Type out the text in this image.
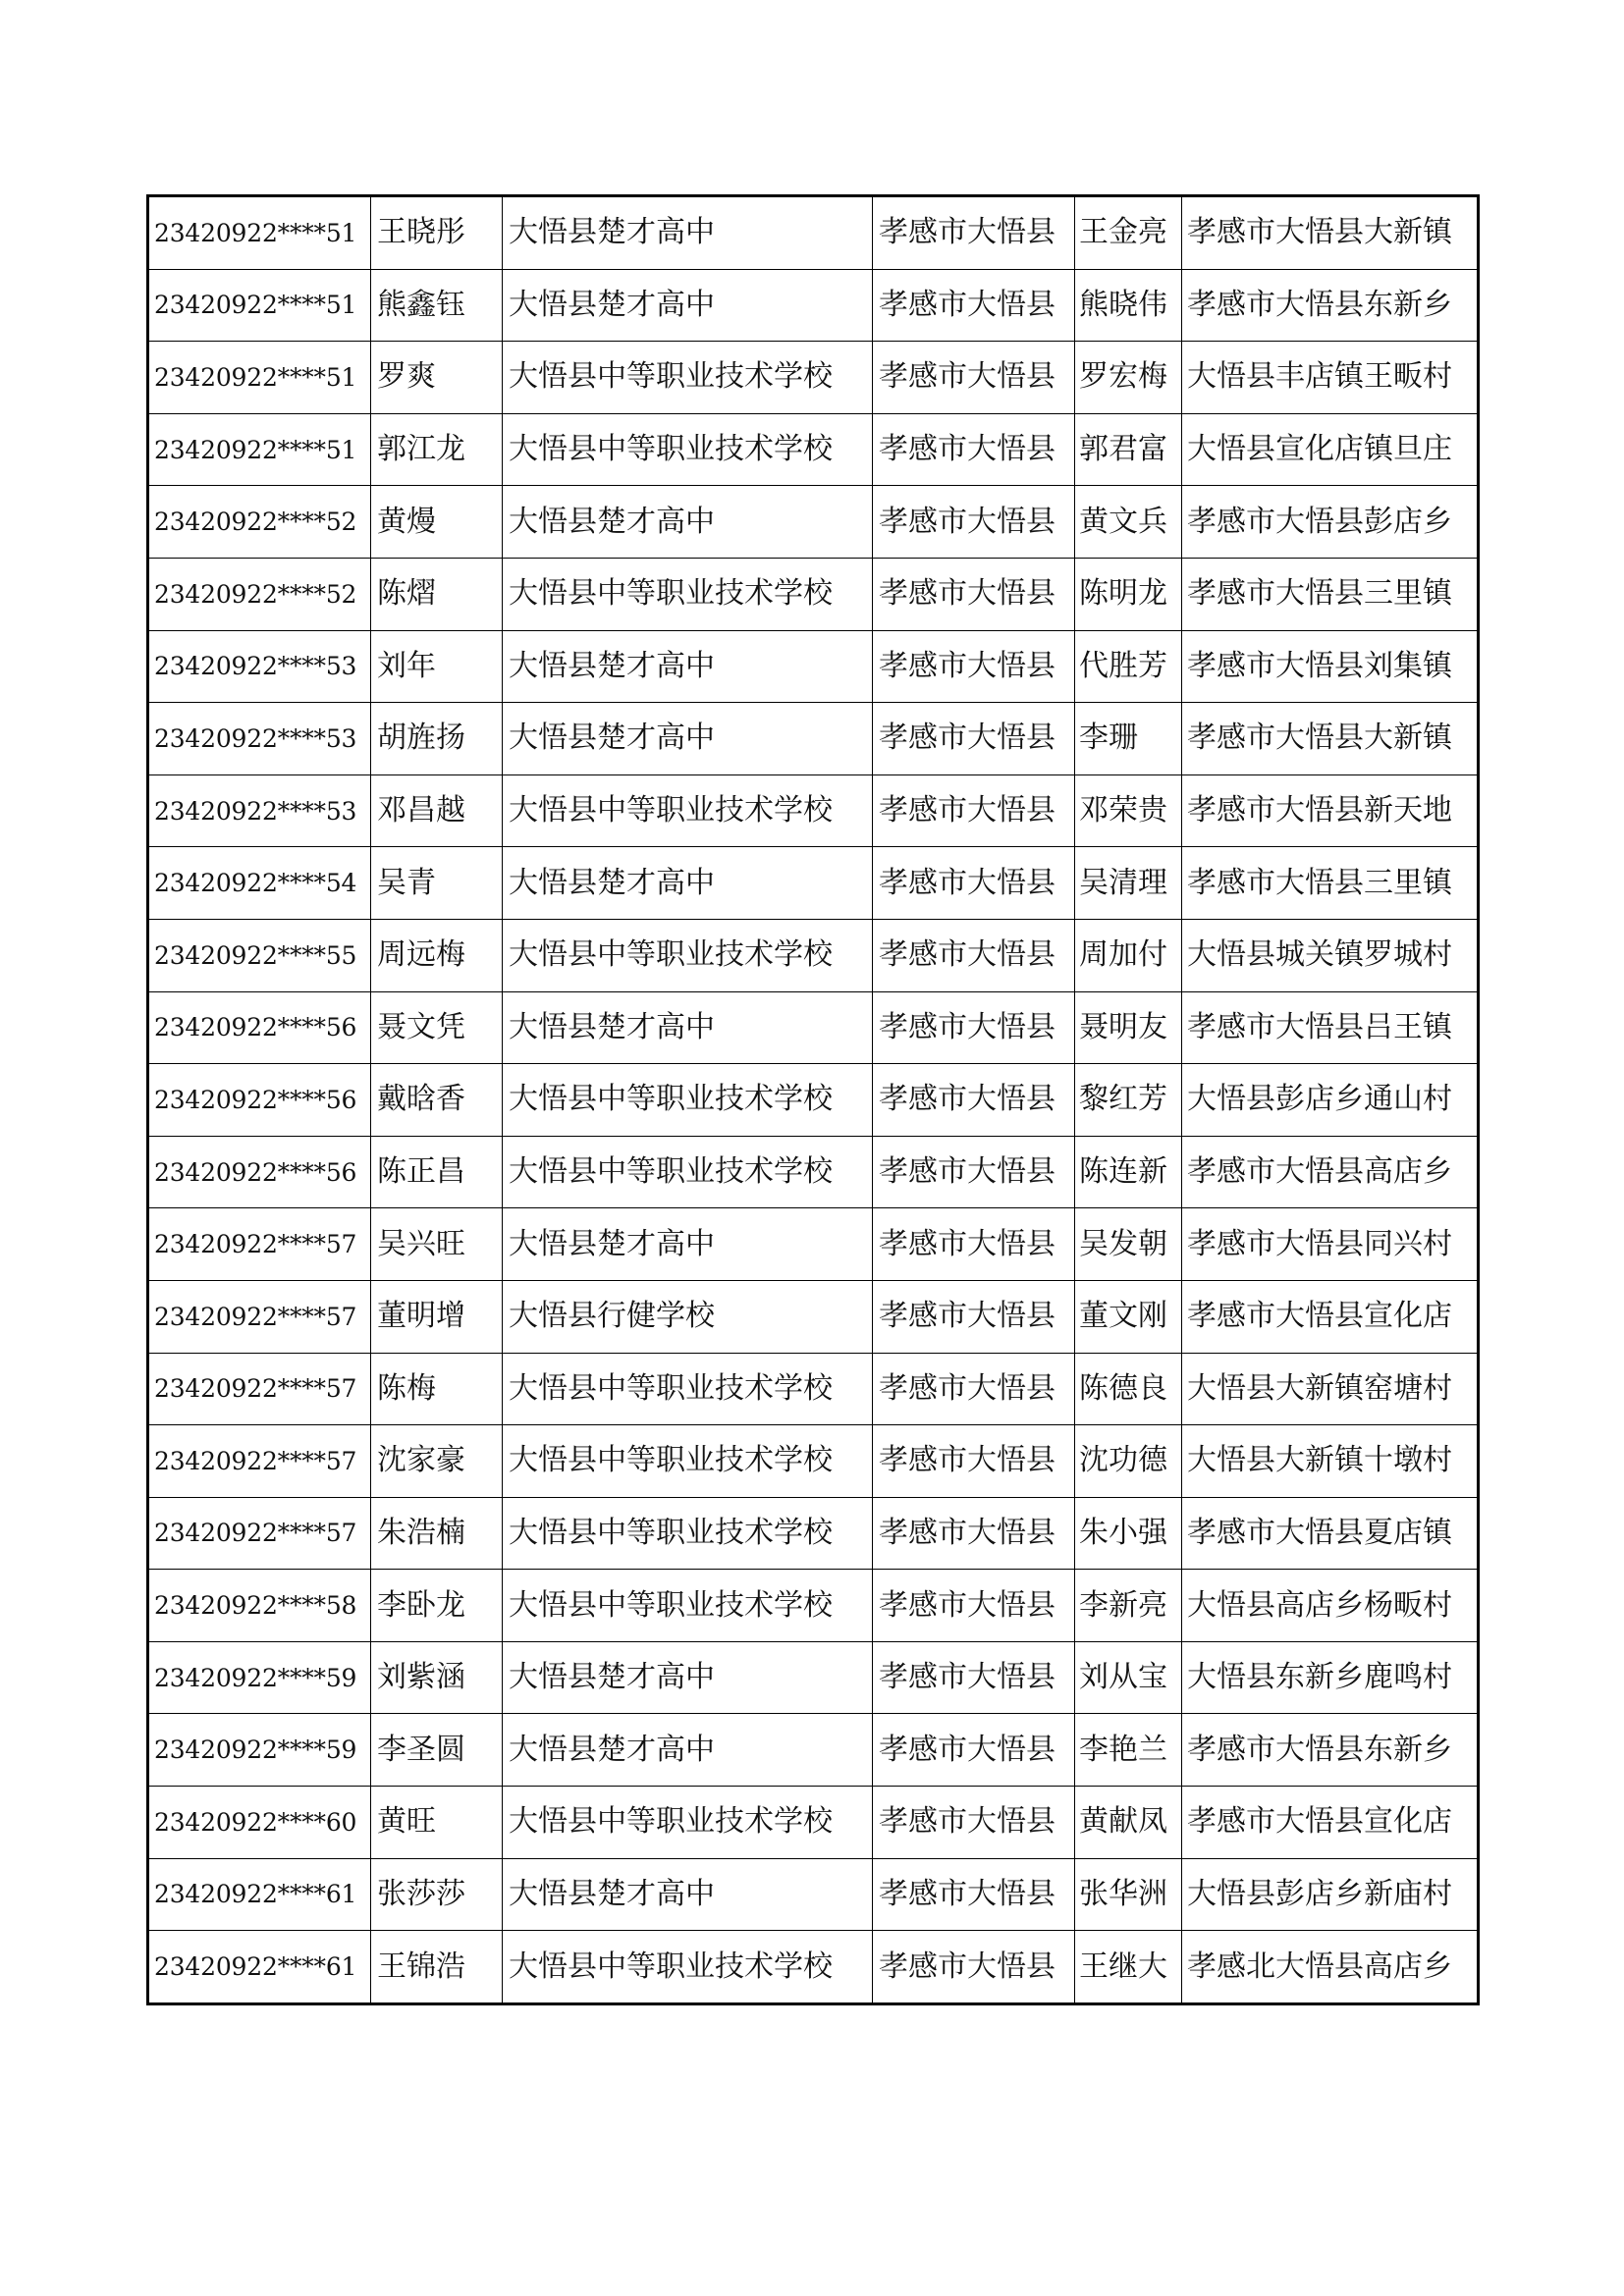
23420922****51	王晓彤	大悟县楚才高中	孝感市大悟县	王金亮	孝感市大悟县大新镇
23420922****51	熊鑫钰	大悟县楚才高中	孝感市大悟县	熊晓伟	孝感市大悟县东新乡
23420922****51	罗爽	大悟县中等职业技术学校	孝感市大悟县	罗宏梅	大悟县丰店镇王畈村
23420922****51	郭江龙	大悟县中等职业技术学校	孝感市大悟县	郭君富	大悟县宣化店镇旦庄
23420922****52	黄熳	大悟县楚才高中	孝感市大悟县	黄文兵	孝感市大悟县彭店乡
23420922****52	陈熠	大悟县中等职业技术学校	孝感市大悟县	陈明龙	孝感市大悟县三里镇
23420922****53	刘年	大悟县楚才高中	孝感市大悟县	代胜芳	孝感市大悟县刘集镇
23420922****53	胡旌扬	大悟县楚才高中	孝感市大悟县	李珊	孝感市大悟县大新镇
23420922****53	邓昌越	大悟县中等职业技术学校	孝感市大悟县	邓荣贵	孝感市大悟县新天地
23420922****54	吴青	大悟县楚才高中	孝感市大悟县	吴清理	孝感市大悟县三里镇
23420922****55	周远梅	大悟县中等职业技术学校	孝感市大悟县	周加付	大悟县城关镇罗城村
23420922****56	聂文凭	大悟县楚才高中	孝感市大悟县	聂明友	孝感市大悟县吕王镇
23420922****56	戴晗香	大悟县中等职业技术学校	孝感市大悟县	黎红芳	大悟县彭店乡通山村
23420922****56	陈正昌	大悟县中等职业技术学校	孝感市大悟县	陈连新	孝感市大悟县高店乡
23420922****57	吴兴旺	大悟县楚才高中	孝感市大悟县	吴发朝	孝感市大悟县同兴村
23420922****57	董明增	大悟县行健学校	孝感市大悟县	董文刚	孝感市大悟县宣化店
23420922****57	陈梅	大悟县中等职业技术学校	孝感市大悟县	陈德良	大悟县大新镇窑塘村
23420922****57	沈家豪	大悟县中等职业技术学校	孝感市大悟县	沈功德	大悟县大新镇十墩村
23420922****57	朱浩楠	大悟县中等职业技术学校	孝感市大悟县	朱小强	孝感市大悟县夏店镇
23420922****58	李卧龙	大悟县中等职业技术学校	孝感市大悟县	李新亮	大悟县高店乡杨畈村
23420922****59	刘紫涵	大悟县楚才高中	孝感市大悟县	刘从宝	大悟县东新乡鹿鸣村
23420922****59	李圣圆	大悟县楚才高中	孝感市大悟县	李艳兰	孝感市大悟县东新乡
23420922****60	黄旺	大悟县中等职业技术学校	孝感市大悟县	黄献凤	孝感市大悟县宣化店
23420922****61	张莎莎	大悟县楚才高中	孝感市大悟县	张华洲	大悟县彭店乡新庙村
23420922****61	王锦浩	大悟县中等职业技术学校	孝感市大悟县	王继大	孝感北大悟县高店乡
